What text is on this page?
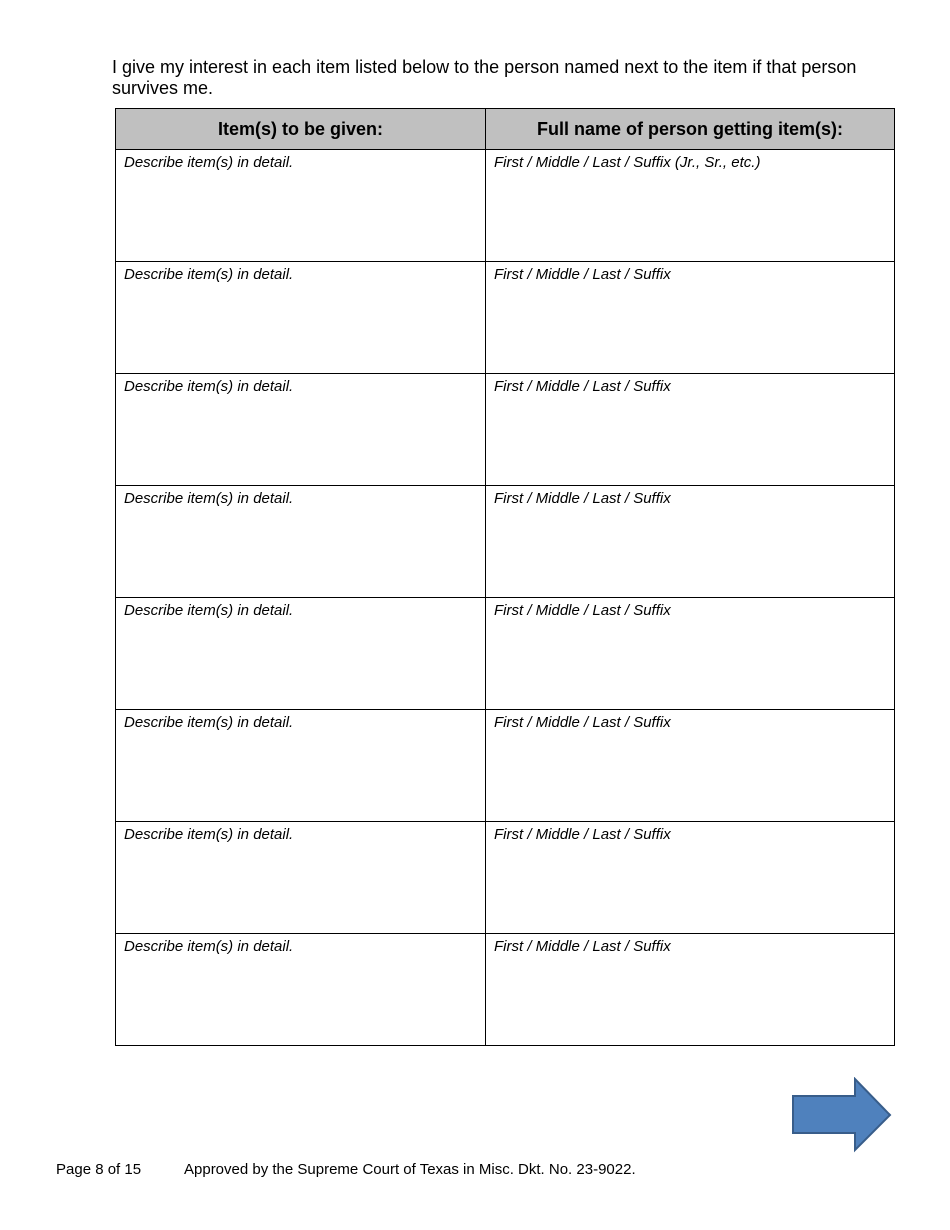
I give my interest in each item listed below to the person named next to the item if that person survives me.

Item(s) to be given:	Full name of person getting item(s):
Describe item(s) in detail.	First / Middle / Last / Suffix (Jr., Sr., etc.)
Describe item(s) in detail.	First / Middle / Last / Suffix
Describe item(s) in detail.	First / Middle / Last / Suffix
Describe item(s) in detail.	First / Middle / Last / Suffix
Describe item(s) in detail.	First / Middle / Last / Suffix
Describe item(s) in detail.	First / Middle / Last / Suffix
Describe item(s) in detail.	First / Middle / Last / Suffix
Describe item(s) in detail.	First / Middle / Last / Suffix
Page 8 of 15	Approved by the Supreme Court of Texas in Misc. Dkt. No. 23-9022.
